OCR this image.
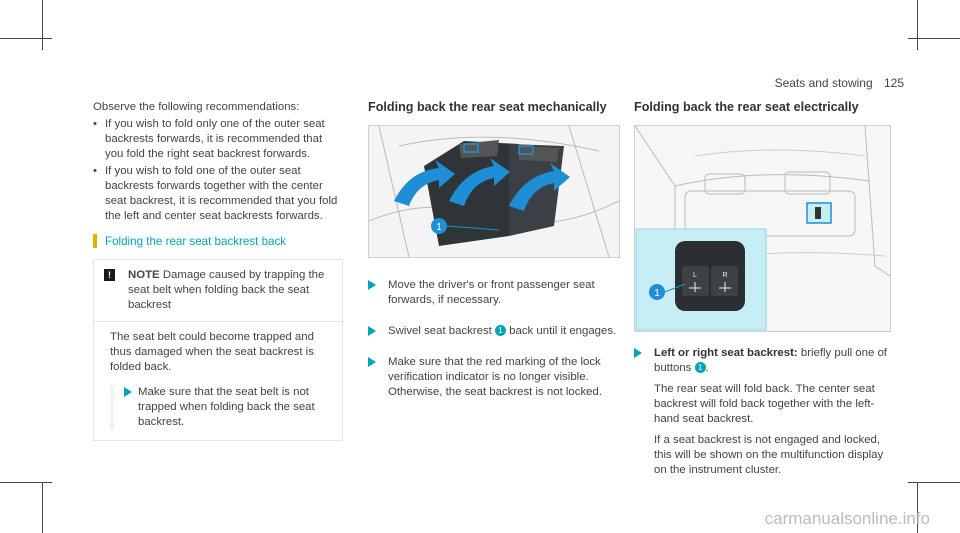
Seats and stowing 125

Observe the following recommendations:

• If you wish to fold only one of the outer seat backrests forwards, it is recommended that you fold the right seat backrest forwards.
• If you wish to fold one of the outer seat backrests forwards together with the center seat backrest, it is recommended that you fold the left and center seat backrests forwards.
Folding the rear seat backrest back
!	NOTE Damage caused by trapping the seat belt when folding back the seat backrest

The seat belt could become trapped and thus damaged when the seat backrest is folded back.

Make sure that the seat belt is not trapped when folding back the seat backrest.
Folding back the rear seat mechanically
1
Move the driver's or front passenger seat forwards, if necessary.
Swivel seat backrest 1 back until it engages.
Make sure that the red marking of the lock verification indicator is no longer visible. Otherwise, the seat backrest is not locked.
Folding back the rear seat electrically
L	R
1
Left or right seat backrest: briefly pull one of buttons 1 .

The rear seat will fold back. The center seat backrest will fold back together with the left-hand seat backrest.

If a seat backrest is not engaged and locked, this will be shown on the multifunction display on the instrument cluster.

carmanualsonline.info
